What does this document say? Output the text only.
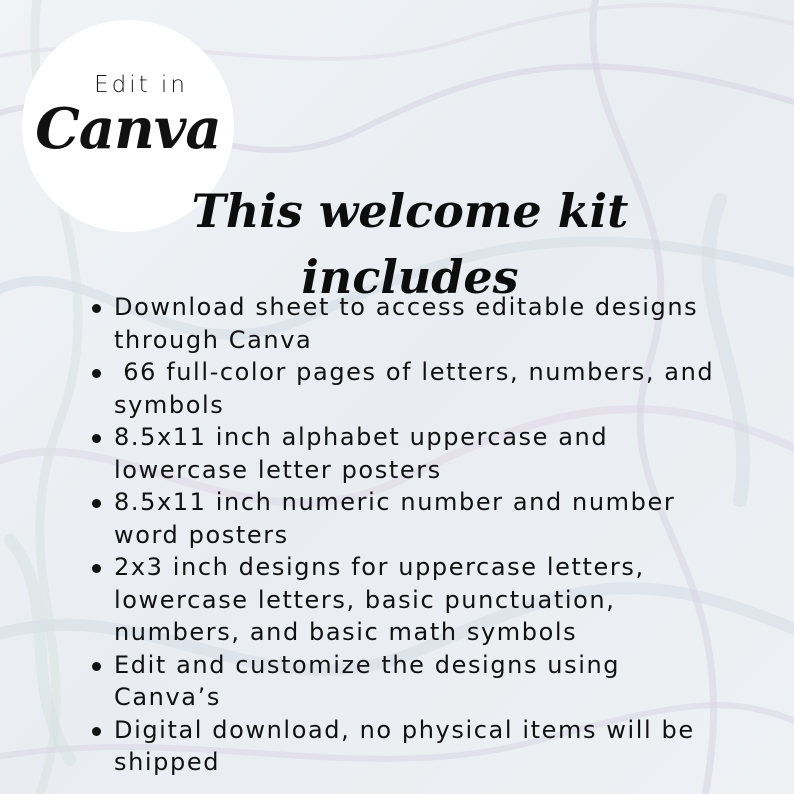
Edit in
Canva
This welcome kit
includes
Download sheet to access editable designs through Canva
66 full-color pages of letters, numbers, and symbols
8.5x11 inch alphabet uppercase and lowercase letter posters
8.5x11 inch numeric number and number word posters
2x3 inch designs for uppercase letters, lowercase letters, basic punctuation, numbers, and basic math symbols
Edit and customize the designs using Canva’s
Digital download, no physical items will be shipped
